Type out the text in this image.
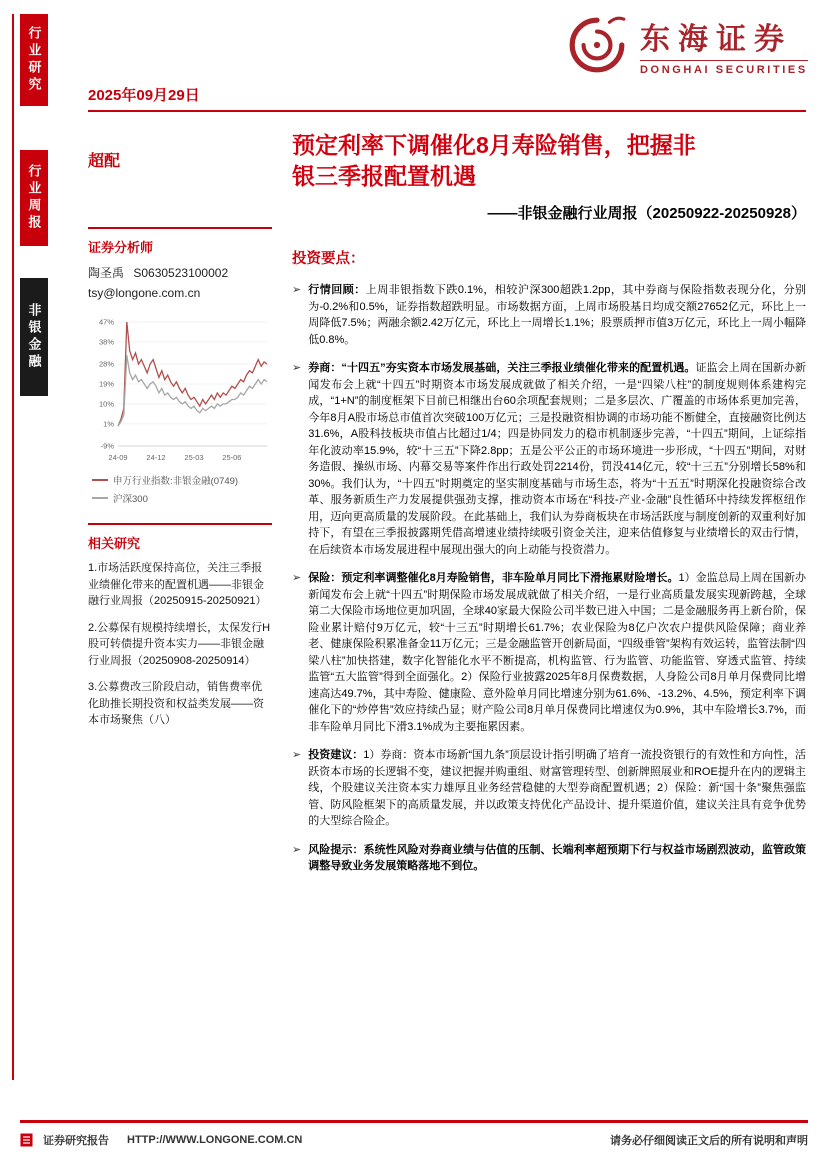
行业研究
行业周报
非银金融
2025年09月29日
东海证券
DONGHAI SECURITIES
超配
证券分析师
陶圣禹 S0630523100002
tsy@longone.com.cn
47%
38%
28%
19%
10%
1%
-9%
24-09	24-12	25-03 25-06
申万行业指数:非银金融(0749)
沪深300
相关研究
1.市场活跃度保持高位，关注三季报业绩催化带来的配置机遇——非银金融行业周报（20250915-20250921）
2.公募保有规模持续增长，太保发行H股可转债提升资本实力——非银金融行业周报（20250908-20250914）
3.公募费改三阶段启动，销售费率优化助推长期投资和权益类发展——资本市场聚焦（八）
预定利率下调催化8月寿险销售，把握非
银三季报配置机遇
——非银金融行业周报（20250922-20250928）
投资要点：
➢ 行情回顾：上周非银指数下跌0.1%，相较沪深300超跌1.2pp，其中券商与保险指数表现分化，分别为-0.2%和0.5%，证券指数超跌明显。市场数据方面，上周市场股基日均成交额27652亿元，环比上一周降低7.5%；两融余额2.42万亿元，环比上一周增长1.1%；股票质押市值3万亿元，环比上一周小幅降低0.8%。
➢ 券商：“十四五”夯实资本市场发展基础，关注三季报业绩催化带来的配置机遇。证监会上周在国新办新闻发布会上就“十四五”时期资本市场发展成就做了相关介绍，一是“四梁八柱”的制度规则体系建构完成，“1+N”的制度框架下目前已相继出台60余项配套规则；二是多层次、广覆盖的市场体系更加完善，今年8月A股市场总市值首次突破100万亿元；三是投融资相协调的市场功能不断健全，直接融资比例达31.6%，A股科技板块市值占比超过1/4；四是协同发力的稳市机制逐步完善，“十四五”期间，上证综指年化波动率15.9%，较“十三五”下降2.8pp；五是公平公正的市场环境进一步形成，“十四五”期间，对财务造假、操纵市场、内幕交易等案件作出行政处罚2214份，罚没414亿元，较“十三五”分别增长58%和30%。我们认为，“十四五”时期奠定的坚实制度基础与市场生态，将为“十五五”时期深化投融资综合改革、服务新质生产力发展提供强劲支撑，推动资本市场在“科技-产业-金融”良性循环中持续发挥枢纽作用，迈向更高质量的发展阶段。在此基础上，我们认为券商板块在市场活跃度与制度创新的双重利好加持下，有望在三季报披露期凭借高增速业绩持续吸引资金关注，迎来估值修复与业绩增长的双击行情，在后续资本市场发展进程中展现出强大的向上动能与投资潜力。
➢ 保险：预定利率调整催化8月寿险销售，非车险单月同比下滑拖累财险增长。1）金监总局上周在国新办新闻发布会上就“十四五”时期保险市场发展成就做了相关介绍，一是行业高质量发展实现新跨越，全球第二大保险市场地位更加巩固，全球40家最大保险公司半数已进入中国；二是金融服务再上新台阶，保险业累计赔付9万亿元，较“十三五”时期增长61.7%；农业保险为8亿户次农户提供风险保障；商业养老、健康保险积累准备金11万亿元；三是金融监管开创新局面，“四级垂管”架构有效运转，监管法制“四梁八柱”加快搭建，数字化智能化水平不断提高，机构监管、行为监管、功能监管、穿透式监管、持续监管“五大监管”得到全面强化。2）保险行业披露2025年8月保费数据，人身险公司8月单月保费同比增速高达49.7%，其中寿险、健康险、意外险单月同比增速分别为61.6%、-13.2%、4.5%，预定利率下调催化下的“炒停售”效应持续凸显；财产险公司8月单月保费同比增速仅为0.9%，其中车险增长3.7%，而非车险单月同比下滑3.1%成为主要拖累因素。
➢ 投资建议：1）券商：资本市场新“国九条”顶层设计指引明确了培育一流投资银行的有效性和方向性，活跃资本市场的长逻辑不变，建议把握并购重组、财富管理转型、创新牌照展业和ROE提升在内的逻辑主线，个股建议关注资本实力雄厚且业务经营稳健的大型券商配置机遇；2）保险：新“国十条”聚焦强监管、防风险框架下的高质量发展，并以政策支持优化产品设计、提升渠道价值，建议关注具有竞争优势的大型综合险企。
➢ 风险提示：系统性风险对券商业绩与估值的压制、长端利率超预期下行与权益市场剧烈波动，监管政策调整导致业务发展策略落地不到位。
证券研究报告 HTTP://WWW.LONGONE.COM.CN	请务必仔细阅读正文后的所有说明和声明
